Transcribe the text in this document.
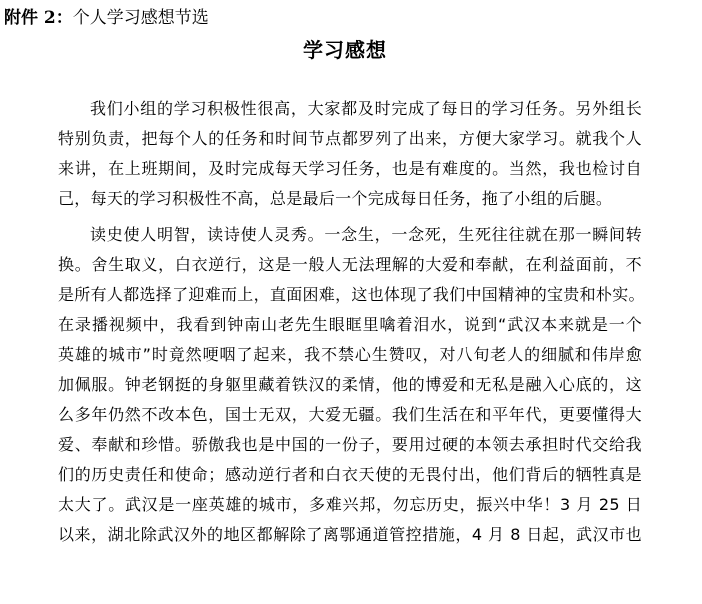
附件 2：个人学习感想节选
学习感想
我们小组的学习积极性很高，大家都及时完成了每日的学习任务。另外组长
特别负责，把每个人的任务和时间节点都罗列了出来，方便大家学习。就我个人
来讲，在上班期间，及时完成每天学习任务，也是有难度的。当然，我也检讨自
己，每天的学习积极性不高，总是最后一个完成每日任务，拖了小组的后腿。
读史使人明智，读诗使人灵秀。一念生，一念死，生死往往就在那一瞬间转
换。舍生取义，白衣逆行，这是一般人无法理解的大爱和奉献，在利益面前，不
是所有人都选择了迎难而上，直面困难，这也体现了我们中国精神的宝贵和朴实。
在录播视频中，我看到钟南山老先生眼眶里噙着泪水，说到“武汉本来就是一个
英雄的城市”时竟然哽咽了起来，我不禁心生赞叹，对八旬老人的细腻和伟岸愈
加佩服。钟老钢挺的身躯里藏着铁汉的柔情，他的博爱和无私是融入心底的，这
么多年仍然不改本色，国士无双，大爱无疆。我们生活在和平年代，更要懂得大
爱、奉献和珍惜。骄傲我也是中国的一份子，要用过硬的本领去承担时代交给我
们的历史责任和使命；感动逆行者和白衣天使的无畏付出，他们背后的牺牲真是
太大了。武汉是一座英雄的城市，多难兴邦，勿忘历史，振兴中华！3 月 25 日
以来，湖北除武汉外的地区都解除了离鄂通道管控措施，4 月 8 日起，武汉市也
